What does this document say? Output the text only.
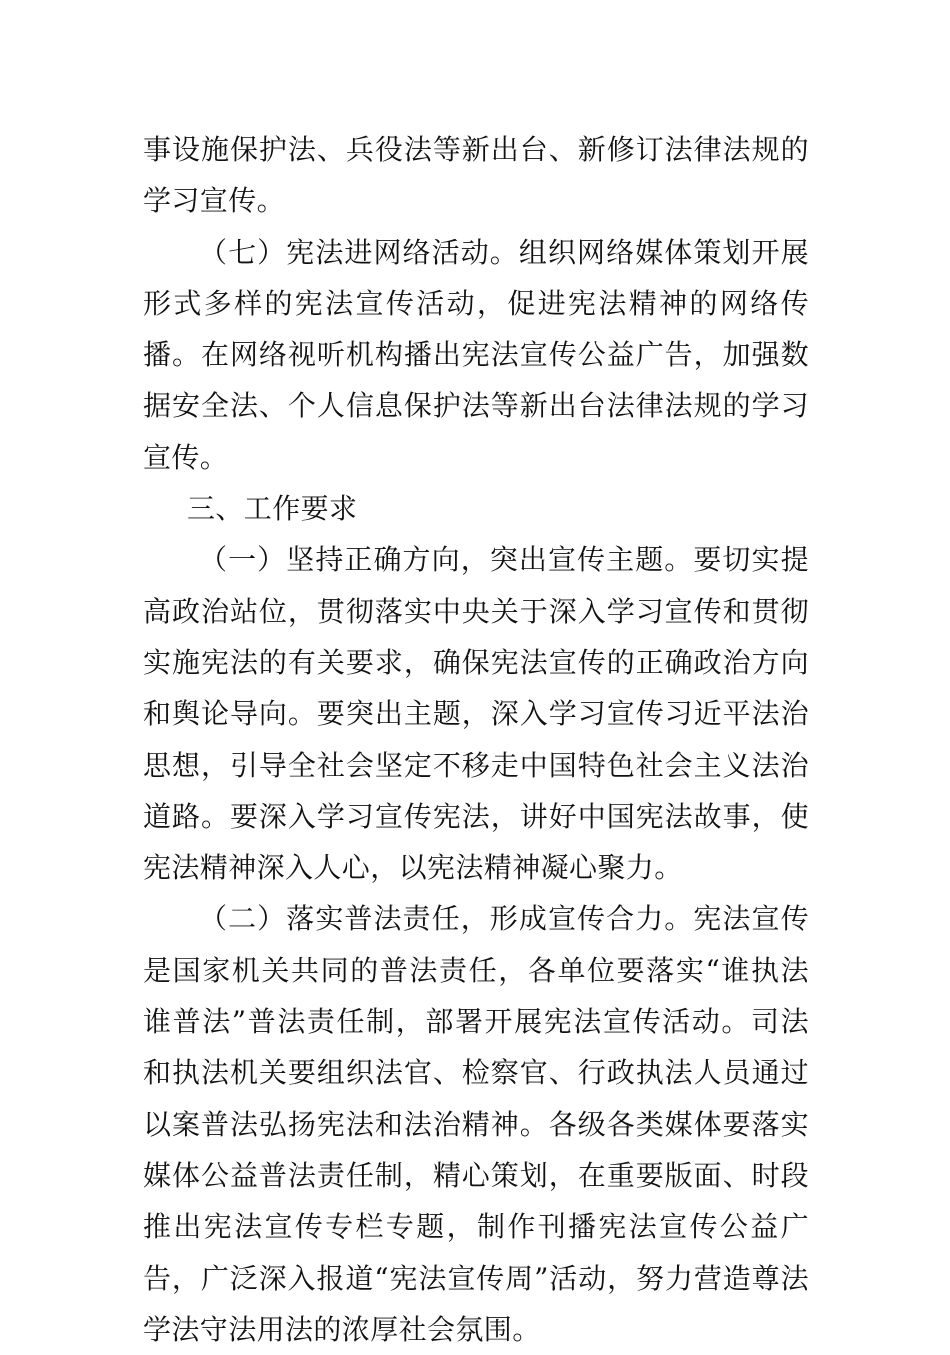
事设施保护法、兵役法等新出台、新修订法律法规的学习宣传。

（七）宪法进网络活动。组织网络媒体策划开展形式多样的宪法宣传活动，促进宪法精神的网络传播。在网络视听机构播出宪法宣传公益广告，加强数据安全法、个人信息保护法等新出台法律法规的学习宣传。

三、工作要求

（一）坚持正确方向，突出宣传主题。要切实提高政治站位，贯彻落实中央关于深入学习宣传和贯彻实施宪法的有关要求，确保宪法宣传的正确政治方向和舆论导向。要突出主题，深入学习宣传习近平法治思想，引导全社会坚定不移走中国特色社会主义法治道路。要深入学习宣传宪法，讲好中国宪法故事，使宪法精神深入人心，以宪法精神凝心聚力。

（二）落实普法责任，形成宣传合力。宪法宣传是国家机关共同的普法责任，各单位要落实“谁执法谁普法”普法责任制，部署开展宪法宣传活动。司法和执法机关要组织法官、检察官、行政执法人员通过以案普法弘扬宪法和法治精神。各级各类媒体要落实媒体公益普法责任制，精心策划，在重要版面、时段推出宪法宣传专栏专题，制作刊播宪法宣传公益广告，广泛深入报道“宪法宣传周”活动，努力营造尊法学法守法用法的浓厚社会氛围。
